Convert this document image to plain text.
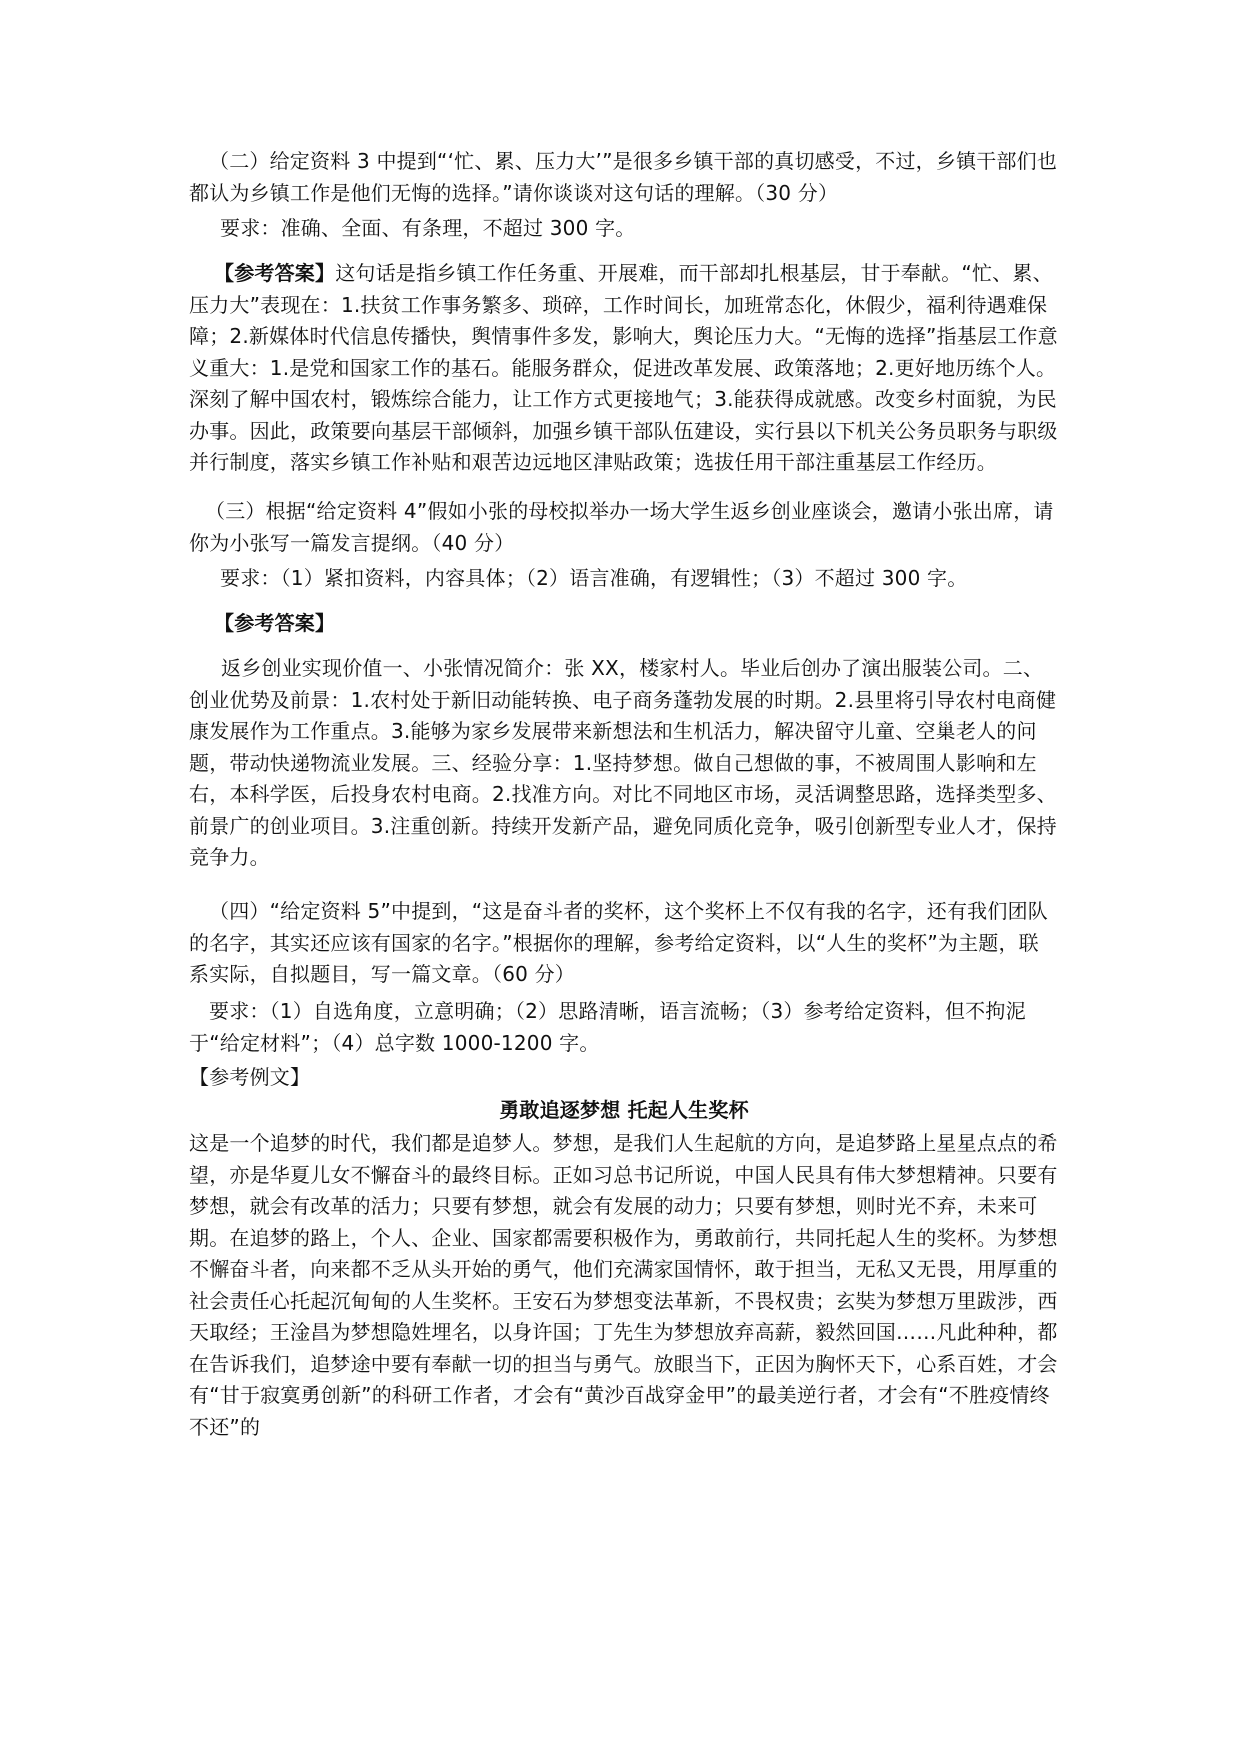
（二）给定资料 3 中提到“‘忙、累、压力大’”是很多乡镇干部的真切感受，不过，乡镇干部们也都认为乡镇工作是他们无悔的选择。”请你谈谈对这句话的理解。（30 分）

要求：准确、全面、有条理，不超过 300 字。

【参考答案】这句话是指乡镇工作任务重、开展难，而干部却扎根基层，甘于奉献。“忙、累、压力大”表现在：1.扶贫工作事务繁多、琐碎，工作时间长，加班常态化，休假少，福利待遇难保障；2.新媒体时代信息传播快，舆情事件多发，影响大，舆论压力大。“无悔的选择”指基层工作意义重大：1.是党和国家工作的基石。能服务群众，促进改革发展、政策落地；2.更好地历练个人。深刻了解中国农村，锻炼综合能力，让工作方式更接地气；3.能获得成就感。改变乡村面貌，为民办事。因此，政策要向基层干部倾斜，加强乡镇干部队伍建设，实行县以下机关公务员职务与职级并行制度，落实乡镇工作补贴和艰苦边远地区津贴政策；选拔任用干部注重基层工作经历。

（三）根据“给定资料 4”假如小张的母校拟举办一场大学生返乡创业座谈会，邀请小张出席，请你为小张写一篇发言提纲。（40 分）

要求：（1）紧扣资料，内容具体；（2）语言准确，有逻辑性；（3）不超过 300 字。

【参考答案】

返乡创业实现价值一、小张情况简介：张 XX，楼家村人。毕业后创办了演出服装公司。二、创业优势及前景：1.农村处于新旧动能转换、电子商务蓬勃发展的时期。2.县里将引导农村电商健康发展作为工作重点。3.能够为家乡发展带来新想法和生机活力，解决留守儿童、空巢老人的问题，带动快递物流业发展。三、经验分享：1.坚持梦想。做自己想做的事，不被周围人影响和左右，本科学医，后投身农村电商。2.找准方向。对比不同地区市场，灵活调整思路，选择类型多、前景广的创业项目。3.注重创新。持续开发新产品，避免同质化竞争，吸引创新型专业人才，保持竞争力。

（四）“给定资料 5”中提到，“这是奋斗者的奖杯，这个奖杯上不仅有我的名字，还有我们团队的名字，其实还应该有国家的名字。”根据你的理解，参考给定资料，以“人生的奖杯”为主题，联系实际，自拟题目，写一篇文章。（60 分）

要求：（1）自选角度，立意明确；（2）思路清晰，语言流畅；（3）参考给定资料，但不拘泥于“给定材料”；（4）总字数 1000-1200 字。

【参考例文】

勇敢追逐梦想 托起人生奖杯

这是一个追梦的时代，我们都是追梦人。梦想，是我们人生起航的方向，是追梦路上星星点点的希望，亦是华夏儿女不懈奋斗的最终目标。正如习总书记所说，中国人民具有伟大梦想精神。只要有梦想，就会有改革的活力；只要有梦想，就会有发展的动力；只要有梦想，则时光不弃，未来可期。在追梦的路上，个人、企业、国家都需要积极作为，勇敢前行，共同托起人生的奖杯。为梦想不懈奋斗者，向来都不乏从头开始的勇气，他们充满家国情怀，敢于担当，无私又无畏，用厚重的社会责任心托起沉甸甸的人生奖杯。王安石为梦想变法革新，不畏权贵；玄奘为梦想万里跋涉，西天取经；王淦昌为梦想隐姓埋名，以身许国；丁先生为梦想放弃高薪，毅然回国……凡此种种，都在告诉我们，追梦途中要有奉献一切的担当与勇气。放眼当下，正因为胸怀天下，心系百姓，才会有“甘于寂寞勇创新”的科研工作者，才会有“黄沙百战穿金甲”的最美逆行者，才会有“不胜疫情终不还”的
